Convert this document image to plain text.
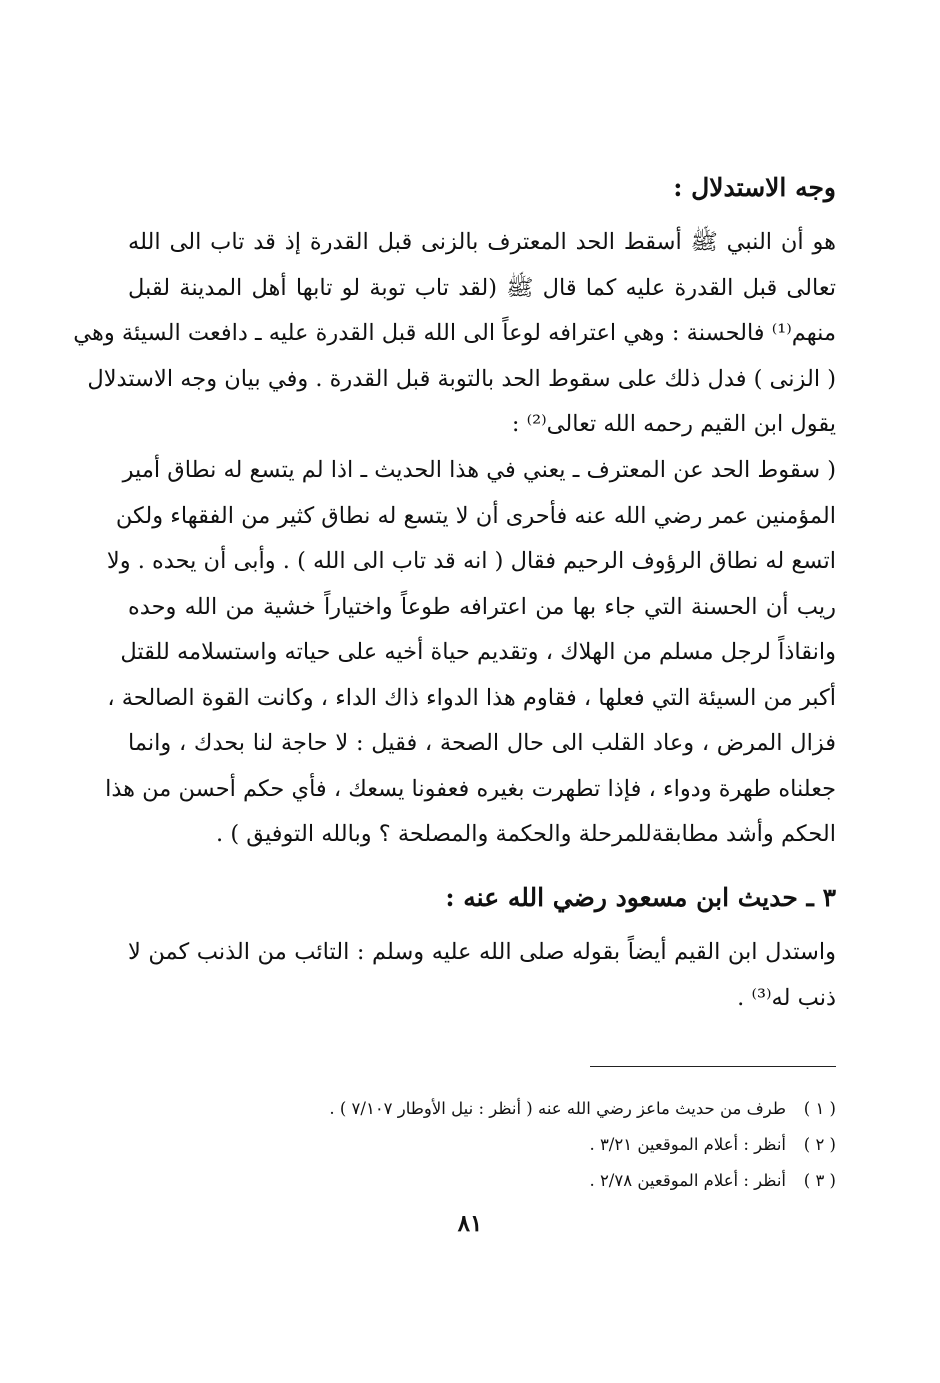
وجه الاستدلال :
هو أن النبي ﷺ أسقط الحد المعترف بالزنى قبل القدرة إذ قد تاب الى الله
تعالى قبل القدرة عليه كما قال ﷺ (لقد تاب توبة لو تابها أهل المدينة لقبل
منهم⁽¹⁾ فالحسنة : وهي اعترافه لوعاً الى الله قبل القدرة عليه ـ دافعت السيئة وهي
( الزنى ) فدل ذلك على سقوط الحد بالتوبة قبل القدرة . وفي بيان وجه الاستدلال
يقول ابن القيم رحمه الله تعالى⁽²⁾ :
( سقوط الحد عن المعترف ـ يعني في هذا الحديث ـ اذا لم يتسع له نطاق أمير
المؤمنين عمر رضي الله عنه فأحرى أن لا يتسع له نطاق كثير من الفقهاء ولكن
اتسع له نطاق الرؤوف الرحيم فقال ( انه قد تاب الى الله ) . وأبى أن يحده . ولا
ريب أن الحسنة التي جاء بها من اعترافه طوعاً واختياراً خشية من الله وحده
وانقاذاً لرجل مسلم من الهلاك ، وتقديم حياة أخيه على حياته واستسلامه للقتل
أكبر من السيئة التي فعلها ، فقاوم هذا الدواء ذاك الداء ، وكانت القوة الصالحة ،
فزال المرض ، وعاد القلب الى حال الصحة ، فقيل : لا حاجة لنا بحدك ، وانما
جعلناه طهرة ودواء ، فإذا تطهرت بغيره فعفونا يسعك ، فأي حكم أحسن من هذا
الحكم وأشد مطابقةللمرحلة والحكمة والمصلحة ؟ وبالله التوفيق ) .
٣ ـ حديث ابن مسعود رضي الله عنه :
واستدل ابن القيم أيضاً بقوله صلى الله عليه وسلم : التائب من الذنب كمن لا
ذنب له⁽³⁾ .
( ١ )طرف من حديث ماعز رضي الله عنه ( أنظر : نيل الأوطار ٧/١٠٧ ) .
( ٢ )أنظر : أعلام الموقعين ٣/٢١ .
( ٣ )أنظر : أعلام الموقعين ٢/٧٨ .
٨١
